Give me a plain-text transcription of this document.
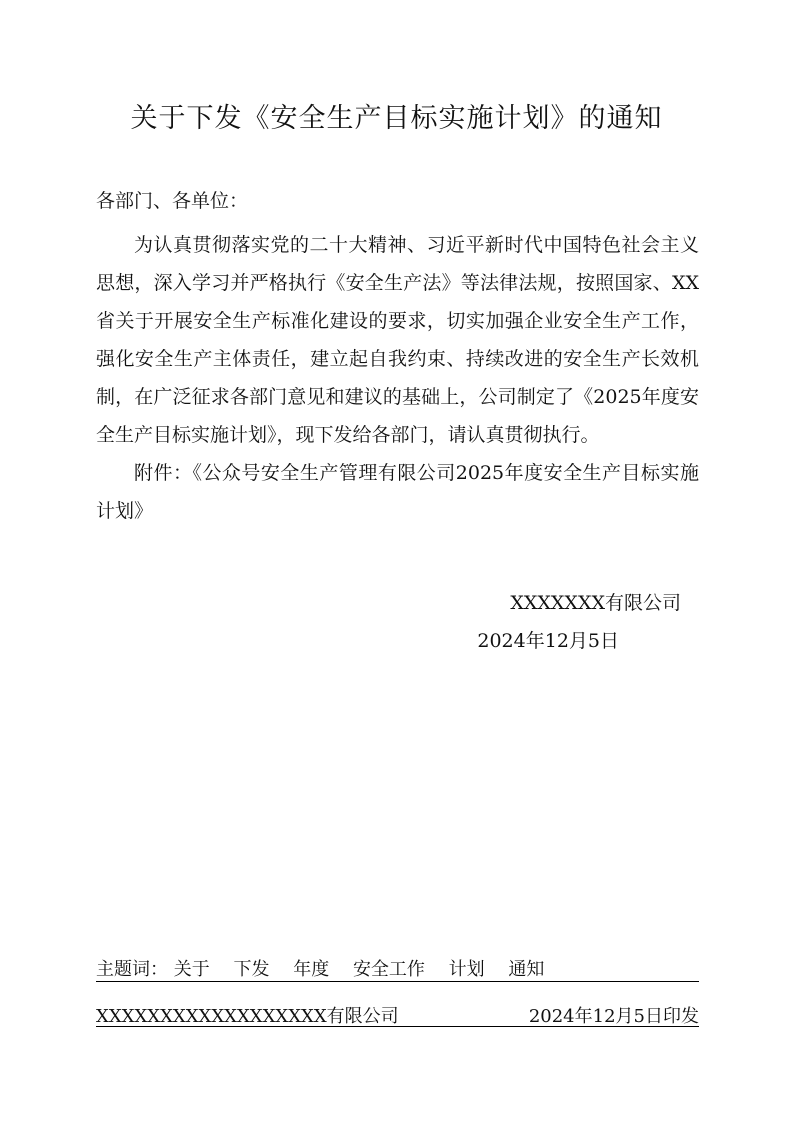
关于下发《安全生产目标实施计划》的通知
各部门、各单位：

为认真贯彻落实党的二十大精神、习近平新时代中国特色社会主义思想，深入学习并严格执行《安全生产法》等法律法规，按照国家、XX省关于开展安全生产标准化建设的要求，切实加强企业安全生产工作，强化安全生产主体责任，建立起自我约束、持续改进的安全生产长效机制，在广泛征求各部门意见和建议的基础上，公司制定了《2025年度安全生产目标实施计划》，现下发给各部门，请认真贯彻执行。

附件：《公众号安全生产管理有限公司2025年度安全生产目标实施计划》

XXXXXXX有限公司
2024年12月5日
主题词： 关于 下发 年度 安全工作 计划 通知
XXXXXXXXXXXXXXXXXX有限公司	2024年12月5日印发
